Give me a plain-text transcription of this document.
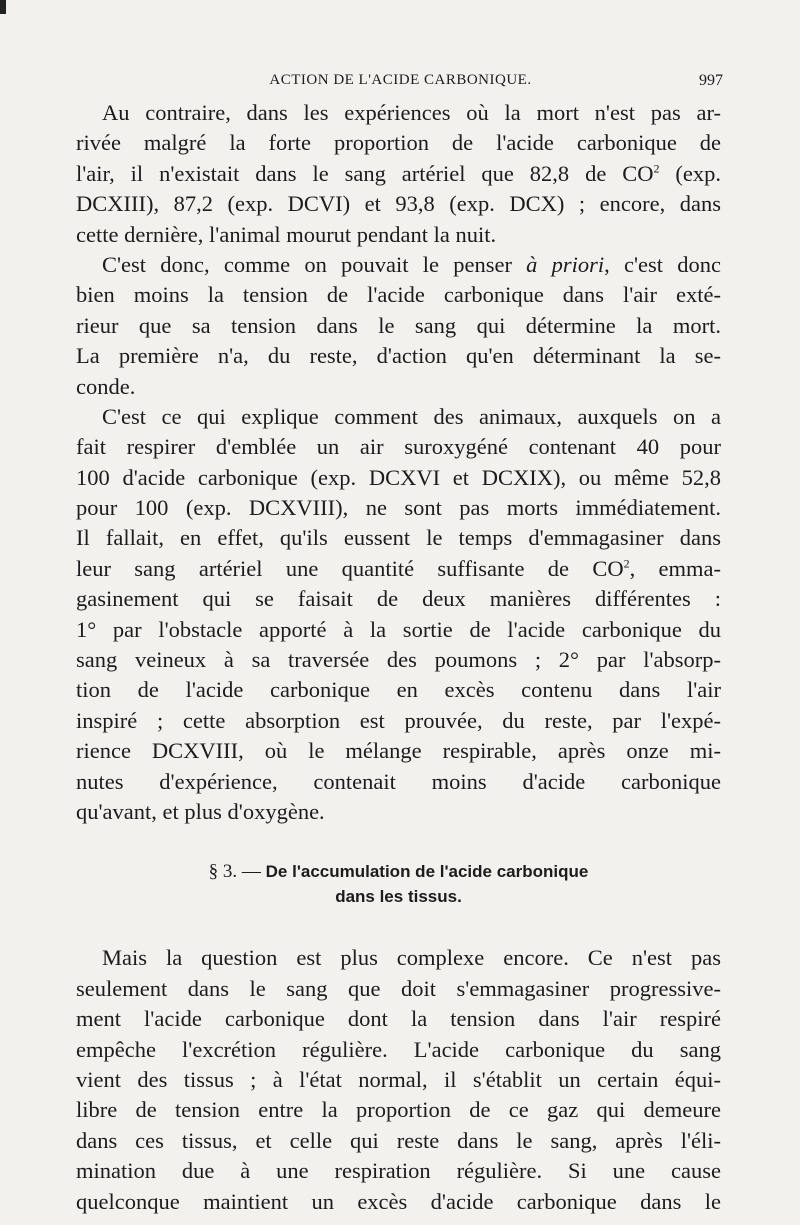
ACTION DE L'ACIDE CARBONIQUE.	997
Au contraire, dans les expériences où la mort n'est pas ar-
rivée malgré la forte proportion de l'acide carbonique de
l'air, il n'existait dans le sang artériel que 82,8 de $CO^2$ (exp.
DCXIII), 87,2 (exp. DCVI) et 93,8 (exp. DCX) ; encore, dans
cette dernière, l'animal mourut pendant la nuit.
C'est donc, comme on pouvait le penser à priori, c'est donc
bien moins la tension de l'acide carbonique dans l'air exté-
rieur que sa tension dans le sang qui détermine la mort.
La première n'a, du reste, d'action qu'en déterminant la se-
conde.
C'est ce qui explique comment des animaux, auxquels on a
fait respirer d'emblée un air suroxygéné contenant 40 pour
100 d'acide carbonique (exp. DCXVI et DCXIX), ou même 52,8
pour 100 (exp. DCXVIII), ne sont pas morts immédiatement.
Il fallait, en effet, qu'ils eussent le temps d'emmagasiner dans
leur sang artériel une quantité suffisante de $CO^2$, emma-
gasinement qui se faisait de deux manières différentes :
1° par l'obstacle apporté à la sortie de l'acide carbonique du
sang veineux à sa traversée des poumons ; 2° par l'absorp-
tion de l'acide carbonique en excès contenu dans l'air
inspiré ; cette absorption est prouvée, du reste, par l'expé-
rience DCXVIII, où le mélange respirable, après onze mi-
nutes d'expérience, contenait moins d'acide carbonique
qu'avant, et plus d'oxygène.
§ 3. — De l'accumulation de l'acide carbonique
dans les tissus.
Mais la question est plus complexe encore. Ce n'est pas
seulement dans le sang que doit s'emmagasiner progressive-
ment l'acide carbonique dont la tension dans l'air respiré
empêche l'excrétion régulière. L'acide carbonique du sang
vient des tissus ; à l'état normal, il s'établit un certain équi-
libre de tension entre la proportion de ce gaz qui demeure
dans ces tissus, et celle qui reste dans le sang, après l'éli-
mination due à une respiration régulière. Si une cause
quelconque maintient un excès d'acide carbonique dans le
